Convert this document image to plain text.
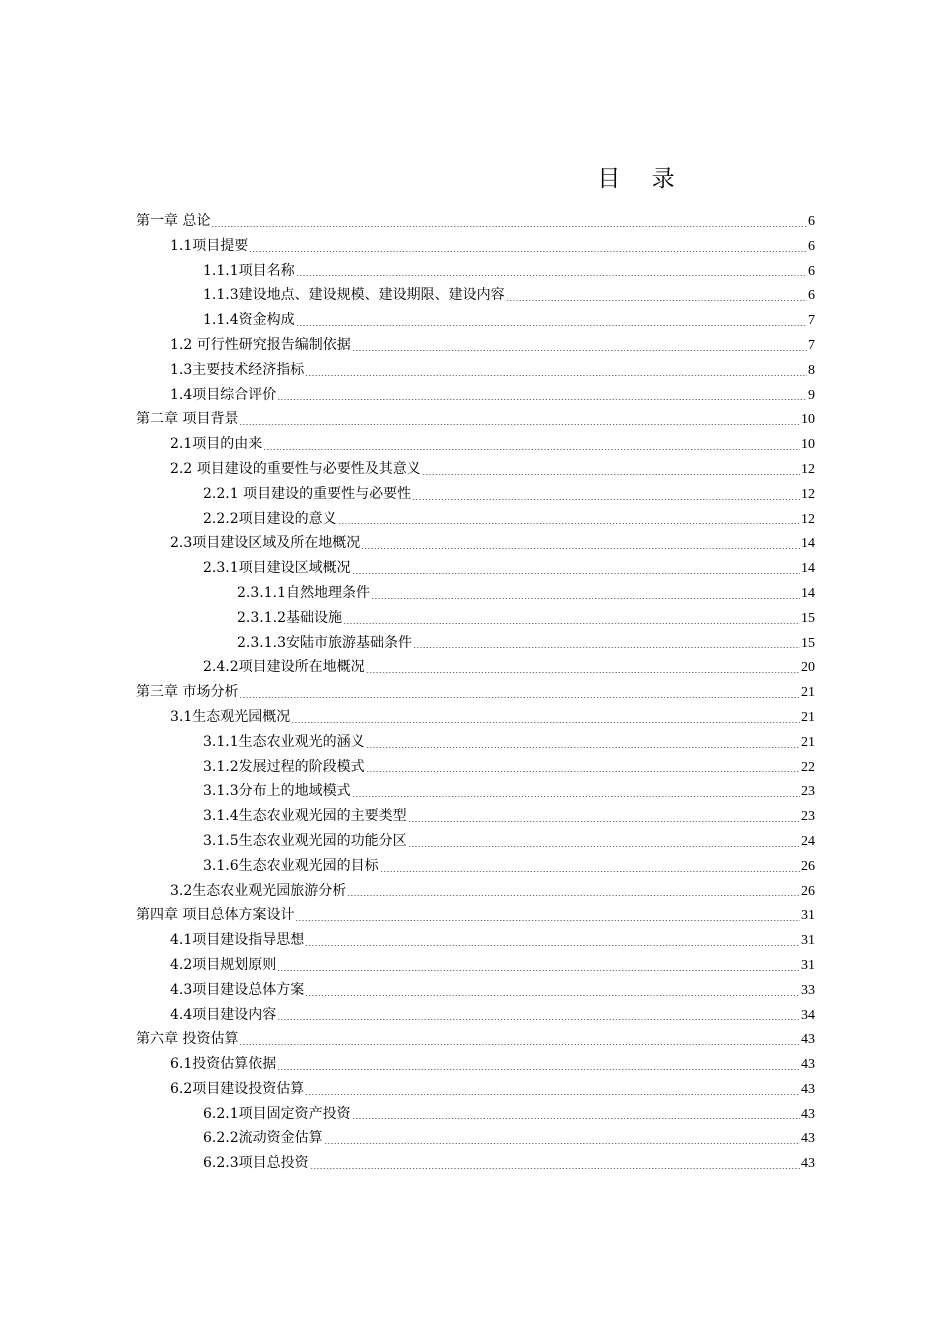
目 录
第一章 总论	6
1.1项目提要	6
1.1.1项目名称	6
1.1.3建设地点、建设规模、建设期限、建设内容	6
1.1.4资金构成	7
1.2 可行性研究报告编制依据	7
1.3主要技术经济指标	8
1.4项目综合评价	9
第二章 项目背景	10
2.1项目的由来	10
2.2 项目建设的重要性与必要性及其意义	12
2.2.1 项目建设的重要性与必要性	12
2.2.2项目建设的意义	12
2.3项目建设区域及所在地概况	14
2.3.1项目建设区域概况	14
2.3.1.1自然地理条件	14
2.3.1.2基础设施	15
2.3.1.3安陆市旅游基础条件	15
2.4.2项目建设所在地概况	20
第三章 市场分析	21
3.1生态观光园概况	21
3.1.1生态农业观光的涵义	21
3.1.2发展过程的阶段模式	22
3.1.3分布上的地域模式	23
3.1.4生态农业观光园的主要类型	23
3.1.5生态农业观光园的功能分区	24
3.1.6生态农业观光园的目标	26
3.2生态农业观光园旅游分析	26
第四章 项目总体方案设计	31
4.1项目建设指导思想	31
4.2项目规划原则	31
4.3项目建设总体方案	33
4.4项目建设内容	34
第六章 投资估算	43
6.1投资估算依据	43
6.2项目建设投资估算	43
6.2.1项目固定资产投资	43
6.2.2流动资金估算	43
6.2.3项目总投资	43
